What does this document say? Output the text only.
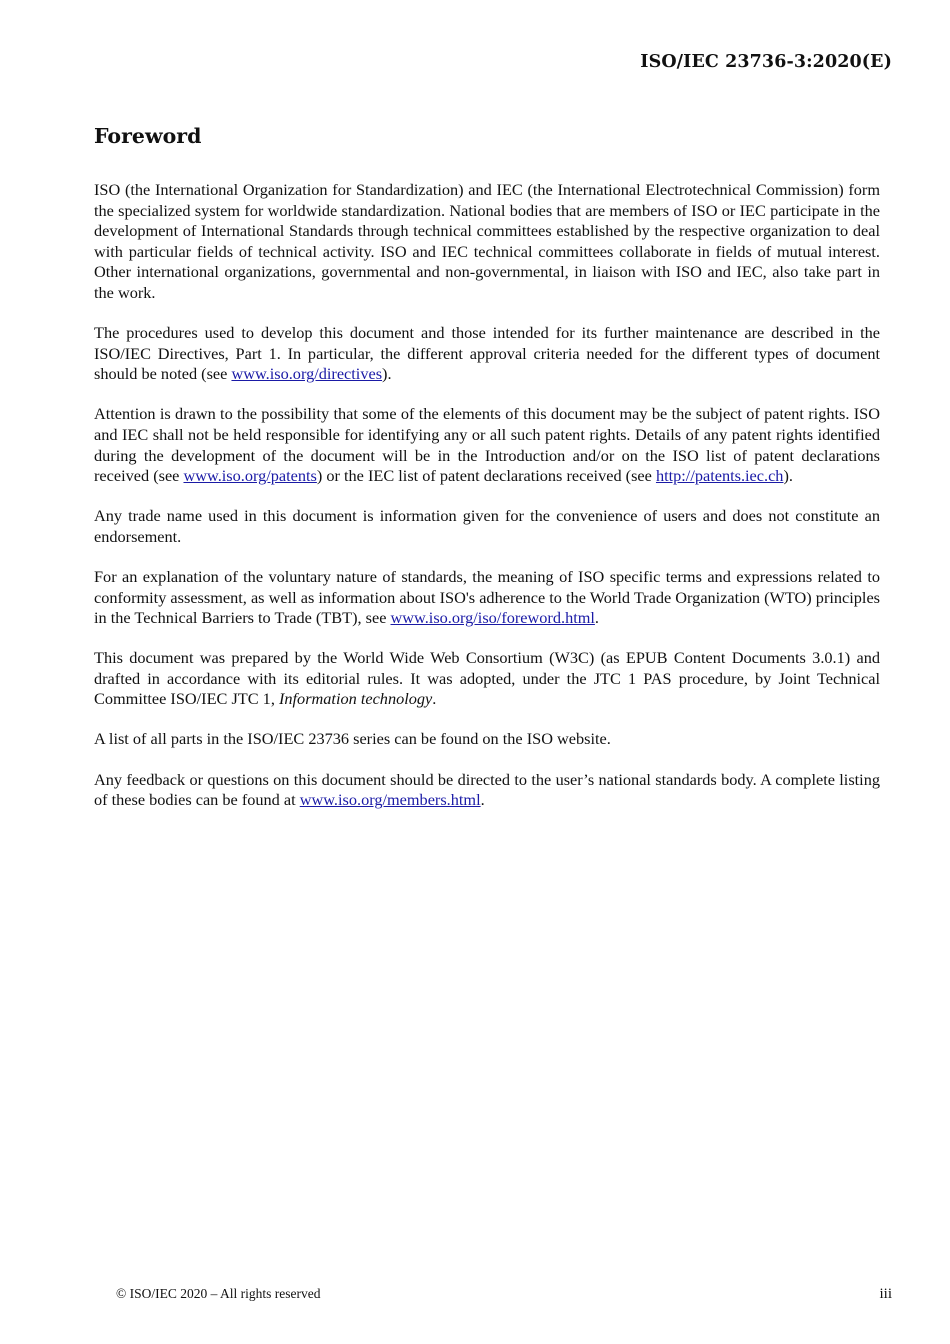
ISO/IEC 23736-3:2020(E)
Foreword

ISO (the International Organization for Standardization) and IEC (the International Electrotechnical Commission) form the specialized system for worldwide standardization. National bodies that are members of ISO or IEC participate in the development of International Standards through technical committees established by the respective organization to deal with particular fields of technical activity. ISO and IEC technical committees collaborate in fields of mutual interest. Other international organizations, governmental and non-governmental, in liaison with ISO and IEC, also take part in the work.

The procedures used to develop this document and those intended for its further maintenance are described in the ISO/IEC Directives, Part 1. In particular, the different approval criteria needed for the different types of document should be noted (see www.iso.org/directives).

Attention is drawn to the possibility that some of the elements of this document may be the subject of patent rights. ISO and IEC shall not be held responsible for identifying any or all such patent rights. Details of any patent rights identified during the development of the document will be in the Introduction and/or on the ISO list of patent declarations received (see www.iso.org/patents) or the IEC list of patent declarations received (see http://patents.iec.ch).

Any trade name used in this document is information given for the convenience of users and does not constitute an endorsement.

For an explanation of the voluntary nature of standards, the meaning of ISO specific terms and expressions related to conformity assessment, as well as information about ISO's adherence to the World Trade Organization (WTO) principles in the Technical Barriers to Trade (TBT), see www.iso.org/iso/foreword.html.

This document was prepared by the World Wide Web Consortium (W3C) (as EPUB Content Documents 3.0.1) and drafted in accordance with its editorial rules. It was adopted, under the JTC 1 PAS procedure, by Joint Technical Committee ISO/IEC JTC 1, Information technology.

A list of all parts in the ISO/IEC 23736 series can be found on the ISO website.

Any feedback or questions on this document should be directed to the user’s national standards body. A complete listing of these bodies can be found at www.iso.org/members.html.

© ISO/IEC 2020 – All rights reserved	iii
